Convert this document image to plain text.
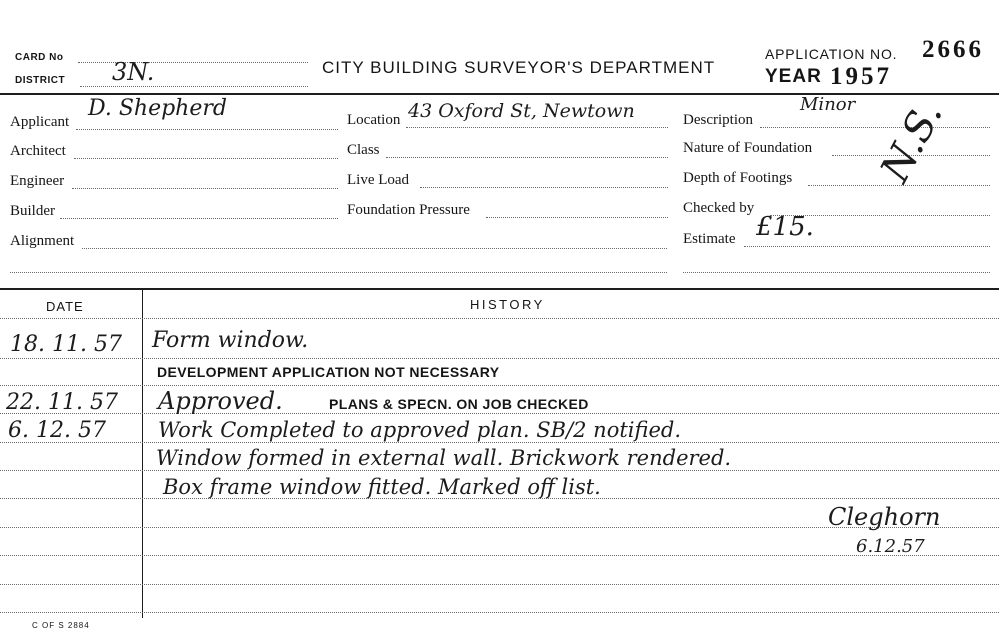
CARD No
DISTRICT 3N.	CITY BUILDING SURVEYOR'S DEPARTMENT
APPLICATION NO. 2666
YEAR 1957
Applicant
D. Shepherd
Architect
Engineer
Builder
Alignment
Location 43 Oxford St, Newtown
Class
Live Load
Foundation Pressure
Description
Minor
Nature of Foundation
Depth of Footings
Checked by
Estimate £15.
N.S.
DATE	HISTORY
18. 11. 57 Form window.
DEVELOPMENT APPLICATION NOT NECESSARY
22. 11. 57 Approved.	PLANS & SPECN. ON JOB CHECKED
6. 12. 57 Work Completed to approved plan. SB/2 notified.
Window formed in external wall. Brickwork rendered.
Box frame window fitted. Marked off list.
Cleghorn
6.12.57
C OF S 2884
